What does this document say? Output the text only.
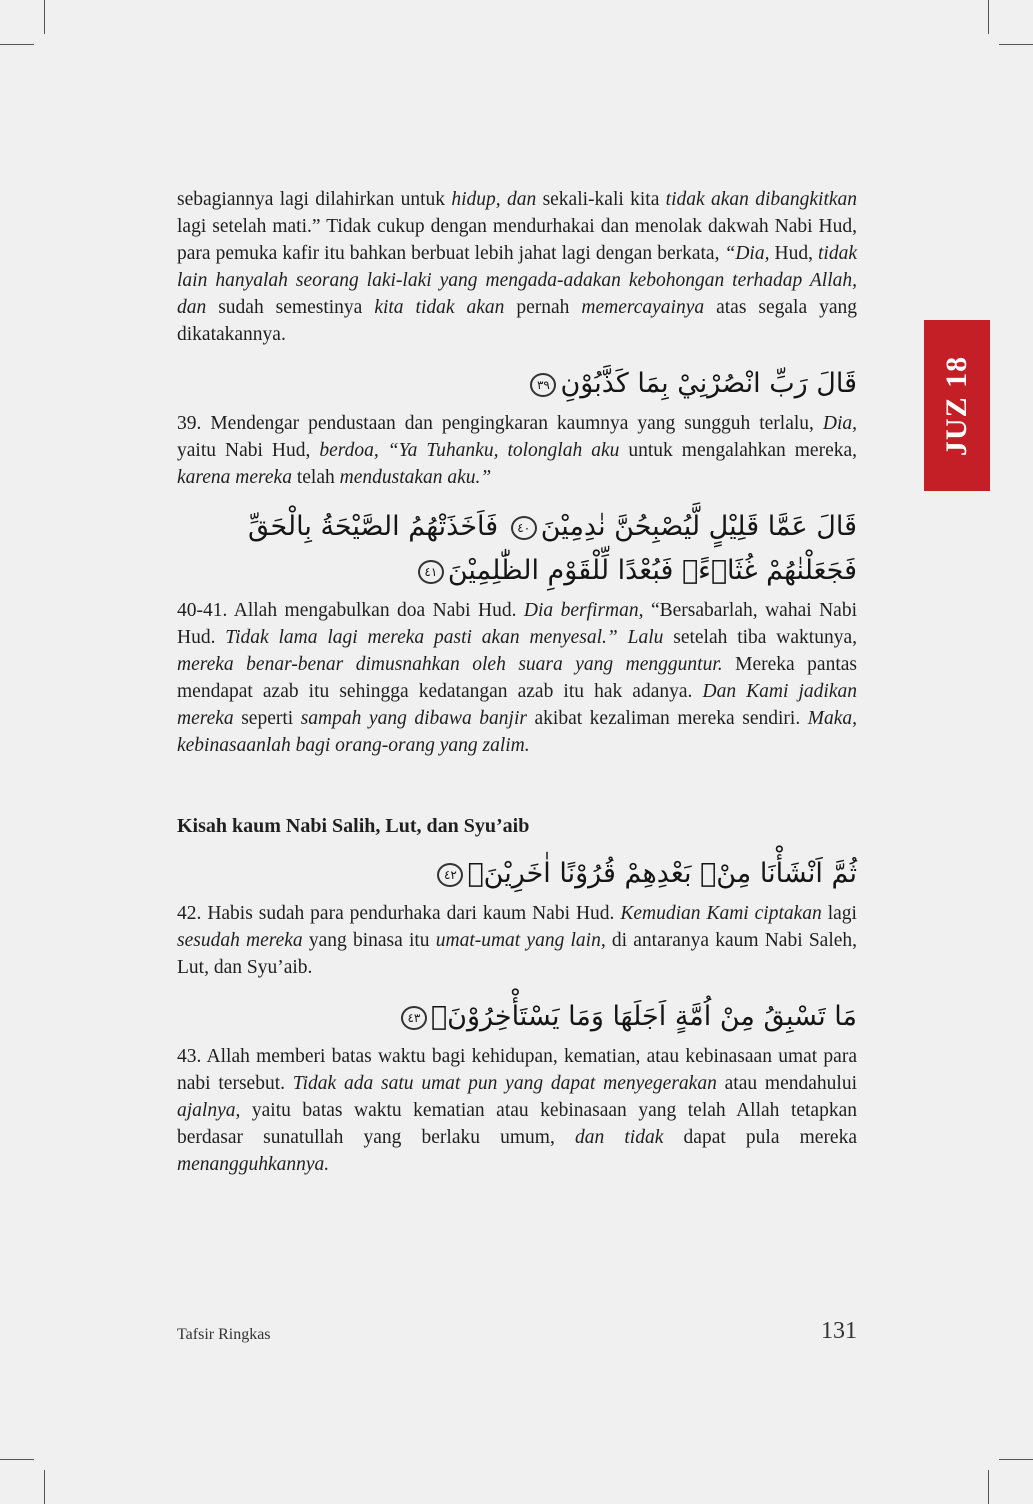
JUZ 18

sebagiannya lagi dilahirkan untuk hidup, dan sekali-kali kita tidak akan dibangkitkan lagi setelah mati.” Tidak cukup dengan mendurhakai dan menolak dakwah Nabi Hud, para pemuka kafir itu bahkan berbuat lebih jahat lagi dengan berkata, “Dia, Hud, tidak lain hanyalah seorang laki-laki yang mengada-adakan kebohongan terhadap Allah, dan sudah semestinya kita tidak akan pernah memercayainya atas segala yang dikatakannya.

قَالَ رَبِّ انْصُرْنِيْ بِمَا كَذَّبُوْنِ٣٩

39. Mendengar pendustaan dan pengingkaran kaumnya yang sungguh terlalu, Dia, yaitu Nabi Hud, berdoa, “Ya Tuhanku, tolonglah aku untuk mengalahkan mereka, karena mereka telah mendustakan aku.”

قَالَ عَمَّا قَلِيْلٍ لَّيُصْبِحُنَّ نٰدِمِيْنَ٤٠ فَاَخَذَتْهُمُ الصَّيْحَةُ بِالْحَقِّ فَجَعَلْنٰهُمْ غُثَاۤءًۚ فَبُعْدًا لِّلْقَوْمِ الظّٰلِمِيْنَ٤١

40-41. Allah mengabulkan doa Nabi Hud. Dia berfirman, “Bersabarlah, wahai Nabi Hud. Tidak lama lagi mereka pasti akan menyesal.” Lalu setelah tiba waktunya, mereka benar-benar dimusnahkan oleh suara yang mengguntur. Mereka pantas mendapat azab itu sehingga kedatangan azab itu hak adanya. Dan Kami jadikan mereka seperti sampah yang dibawa banjir akibat kezaliman mereka sendiri. Maka, kebinasaanlah bagi orang-orang yang zalim.

Kisah kaum Nabi Salih, Lut, dan Syu’aib
ثُمَّ اَنْشَأْنَا مِنْۢ بَعْدِهِمْ قُرُوْنًا اٰخَرِيْنَۗ٤٢

42. Habis sudah para pendurhaka dari kaum Nabi Hud. Kemudian Kami ciptakan lagi sesudah mereka yang binasa itu umat-umat yang lain, di antaranya kaum Nabi Saleh, Lut, dan Syu’aib.

مَا تَسْبِقُ مِنْ اُمَّةٍ اَجَلَهَا وَمَا يَسْتَأْخِرُوْنَۗ٤٣

43. Allah memberi batas waktu bagi kehidupan, kematian, atau kebinasaan umat para nabi tersebut. Tidak ada satu umat pun yang dapat menyegerakan atau mendahului ajalnya, yaitu batas waktu kematian atau kebinasaan yang telah Allah tetapkan berdasar sunatullah yang berlaku umum, dan tidak dapat pula mereka menangguhkannya.

Tafsir Ringkas	131
